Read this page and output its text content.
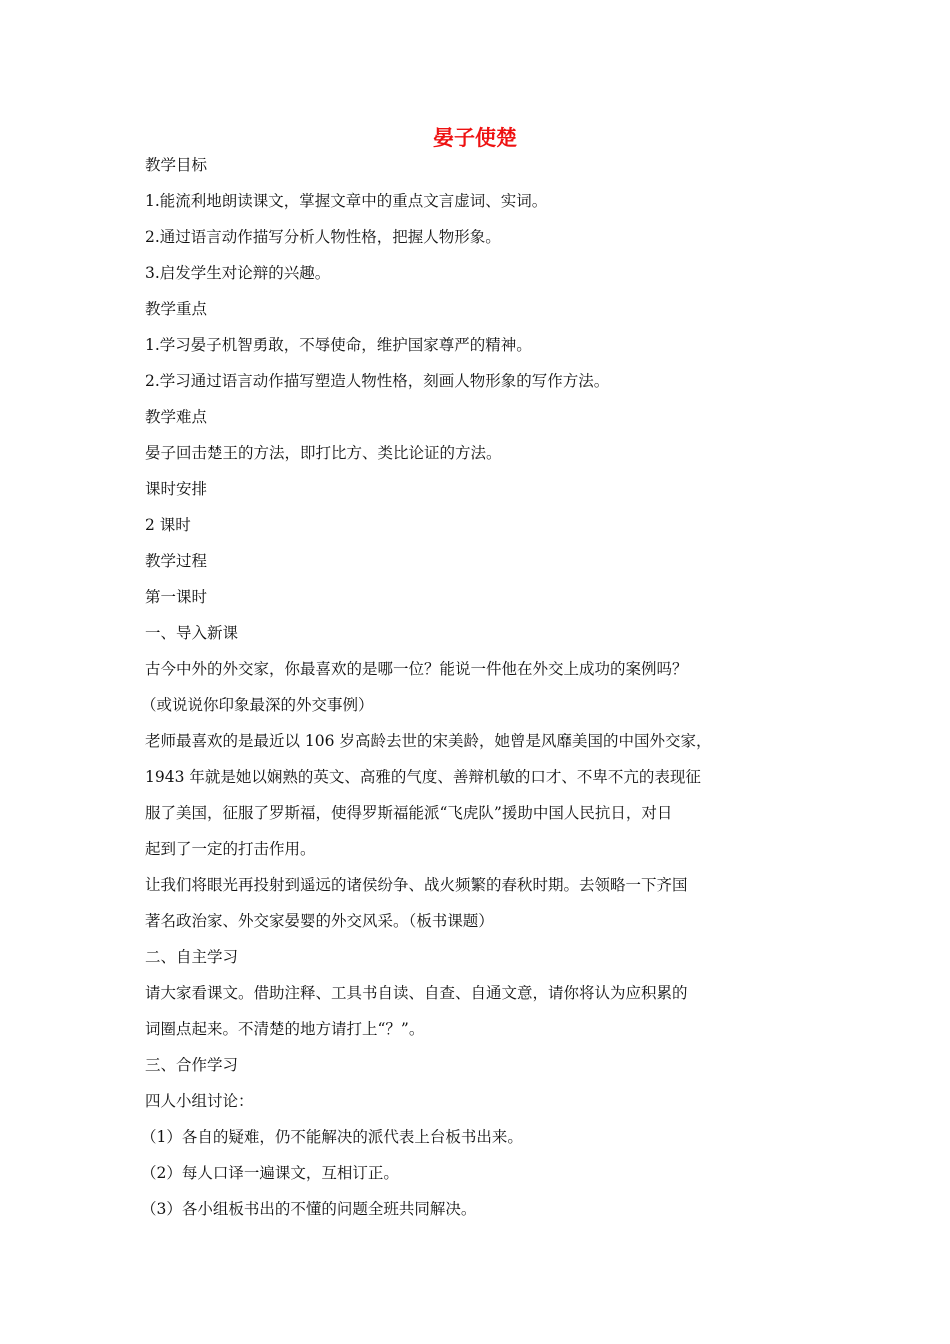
晏子使楚
教学目标
1.能流利地朗读课文，掌握文章中的重点文言虚词、实词。
2.通过语言动作描写分析人物性格，把握人物形象。
3.启发学生对论辩的兴趣。
教学重点
1.学习晏子机智勇敢，不辱使命，维护国家尊严的精神。
2.学习通过语言动作描写塑造人物性格，刻画人物形象的写作方法。
教学难点
晏子回击楚王的方法，即打比方、类比论证的方法。
课时安排
2 课时
教学过程
第一课时
一、导入新课
古今中外的外交家，你最喜欢的是哪一位？能说一件他在外交上成功的案例吗？
（或说说你印象最深的外交事例）
老师最喜欢的是最近以 106 岁高龄去世的宋美龄，她曾是风靡美国的中国外交家，
1943 年就是她以娴熟的英文、高雅的气度、善辩机敏的口才、不卑不亢的表现征
服了美国，征服了罗斯福，使得罗斯福能派“飞虎队”援助中国人民抗日，对日
起到了一定的打击作用。
让我们将眼光再投射到遥远的诸侯纷争、战火频繁的春秋时期。去领略一下齐国
著名政治家、外交家晏婴的外交风采。（板书课题）
二、自主学习
请大家看课文。借助注释、工具书自读、自查、自通文意，请你将认为应积累的
词圈点起来。不清楚的地方请打上“？”。
三、合作学习
四人小组讨论：
（1）各自的疑难，仍不能解决的派代表上台板书出来。
（2）每人口译一遍课文，互相订正。
（3）各小组板书出的不懂的问题全班共同解决。
